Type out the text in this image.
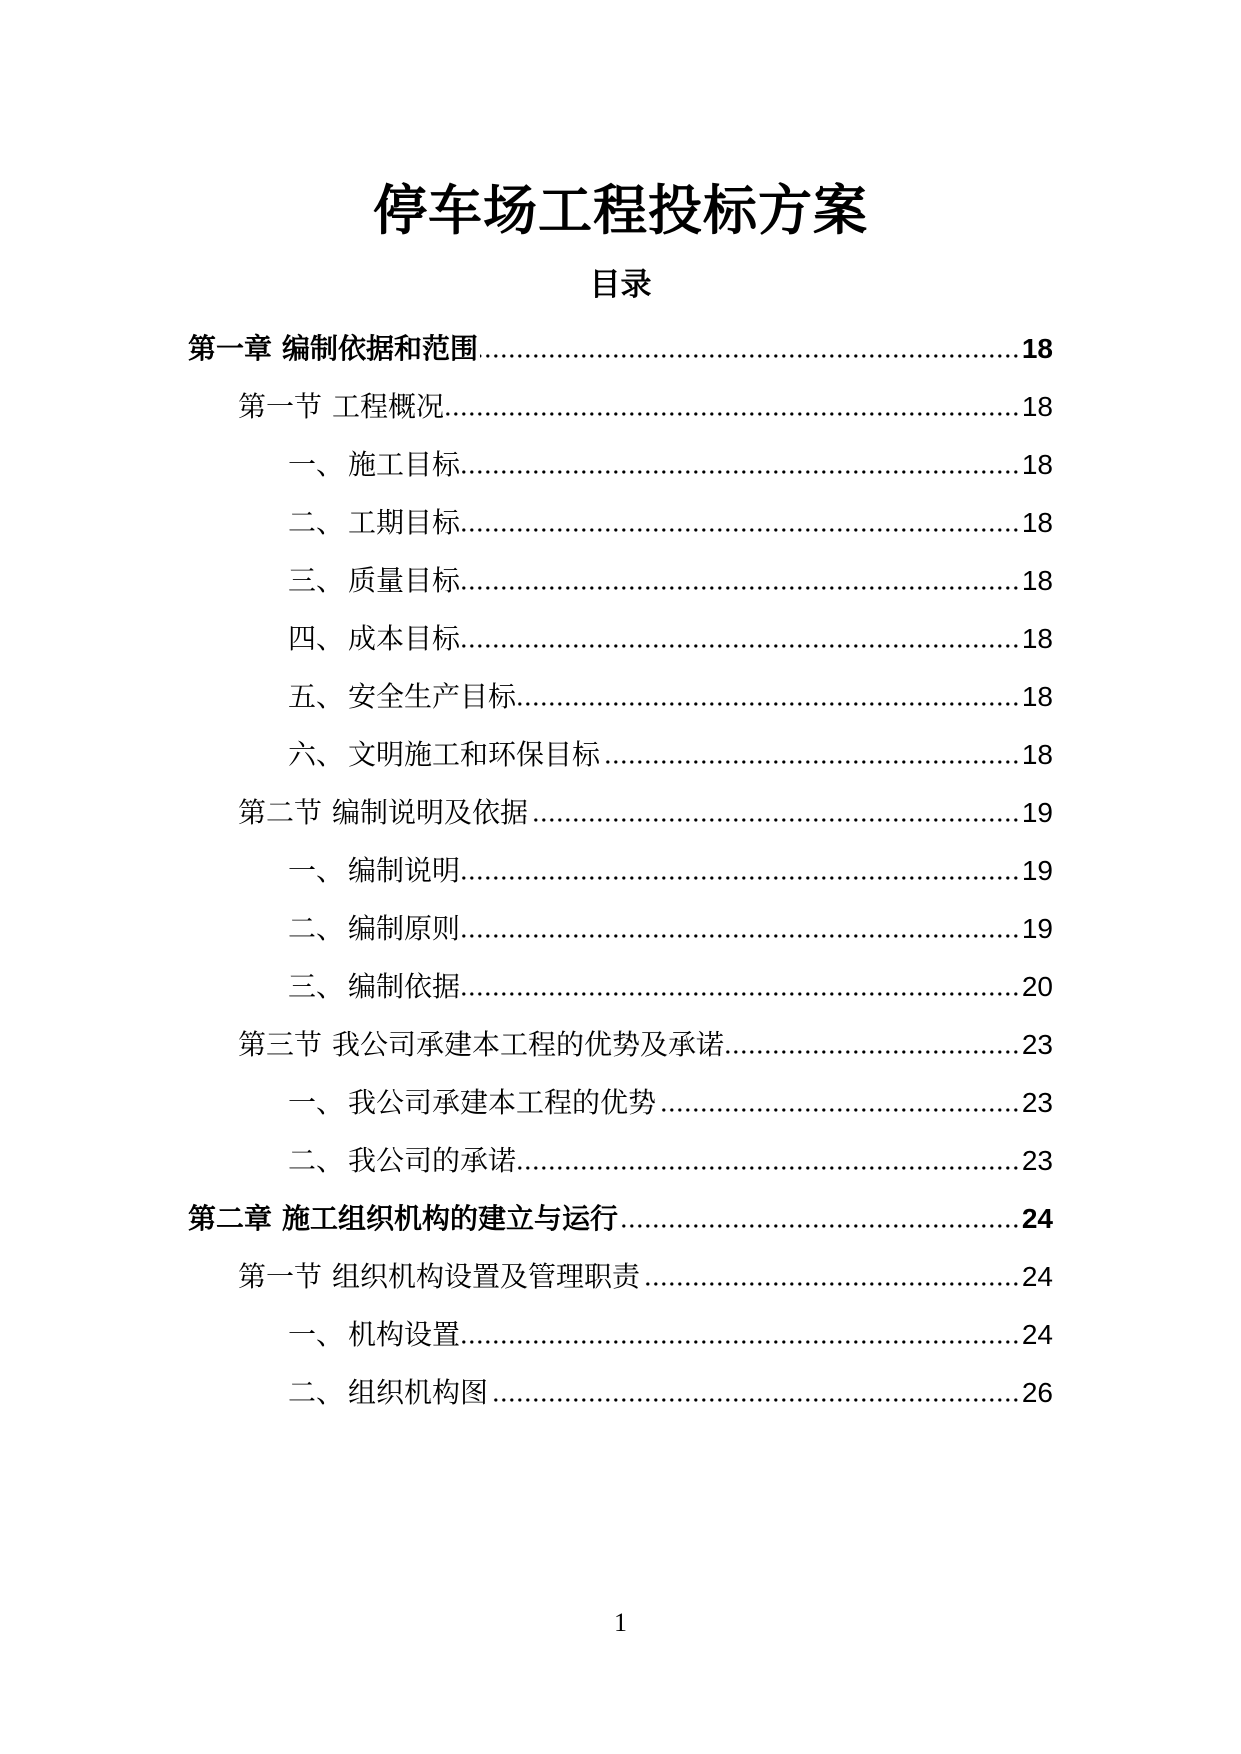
停车场工程投标方案
目录
第一章 编制依据和范围	18
第一节 工程概况	18
一、 施工目标	18
二、 工期目标	18
三、 质量目标	18
四、 成本目标	18
五、 安全生产目标	18
六、 文明施工和环保目标	18
第二节 编制说明及依据	19
一、 编制说明	19
二、 编制原则	19
三、 编制依据	20
第三节 我公司承建本工程的优势及承诺	23
一、 我公司承建本工程的优势	23
二、 我公司的承诺	23
第二章 施工组织机构的建立与运行	24
第一节 组织机构设置及管理职责	24
一、 机构设置	24
二、 组织机构图	26
1
